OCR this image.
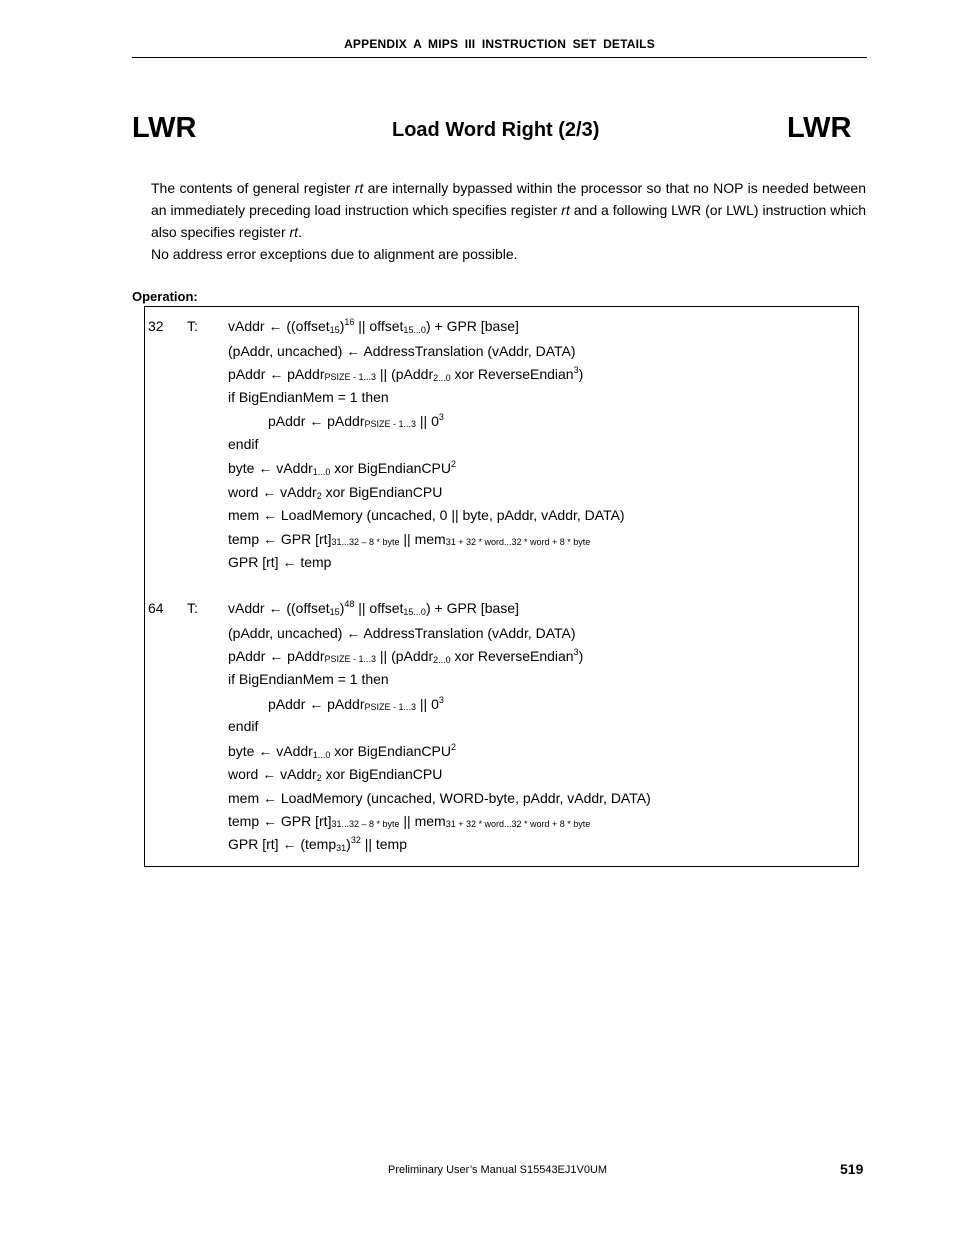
APPENDIX A MIPS III INSTRUCTION SET DETAILS
LWR	Load Word Right (2/3)	LWR

The contents of general register rt are internally bypassed within the processor so that no NOP is needed between an immediately preceding load instruction which specifies register rt and a following LWR (or LWL) instruction which also specifies register rt.

No address error exceptions due to alignment are possible.

Operation:
32 T: vAddr ← ((offset$_{15}$)$^{16}$ || offset$_{15...0}$) + GPR [base]
(pAddr, uncached) ← AddressTranslation (vAddr, DATA)
pAddr ← pAddrPSIZE - 1...3 || (pAddr$_{2...0}$ xor ReverseEndian$^3$)
if BigEndianMem = 1 then
pAddr ← pAddrPSIZE - 1...3 || $0^3$
endif
byte ← vAddr$_{1...0}$ xor BigEndianCPU$^2$
word ← vAddr$_2$ xor BigEndianCPU
mem ← LoadMemory (uncached, 0 || byte, pAddr, vAddr, DATA)
temp ← GPR [rt]31...32 – 8 * byte || mem31 + 32 * word...32 * word + 8 * byte
GPR [rt] ← temp
64 T: vAddr ← ((offset$_{15}$)$^{48}$ || offset$_{15...0}$) + GPR [base]
(pAddr, uncached) ← AddressTranslation (vAddr, DATA)
pAddr ← pAddrPSIZE - 1...3 || (pAddr$_{2...0}$ xor ReverseEndian$^3$)
if BigEndianMem = 1 then
pAddr ← pAddrPSIZE - 1...3 || $0^3$
endif
byte ← vAddr$_{1...0}$ xor BigEndianCPU$^2$
word ← vAddr$_2$ xor BigEndianCPU
mem ← LoadMemory (uncached, WORD-byte, pAddr, vAddr, DATA)
temp ← GPR [rt]31...32 – 8 * byte || mem31 + 32 * word...32 * word + 8 * byte
GPR [rt] ← (temp$_{31}$)$^{32}$ || temp
Preliminary User’s Manual S15543EJ1V0UM	519
